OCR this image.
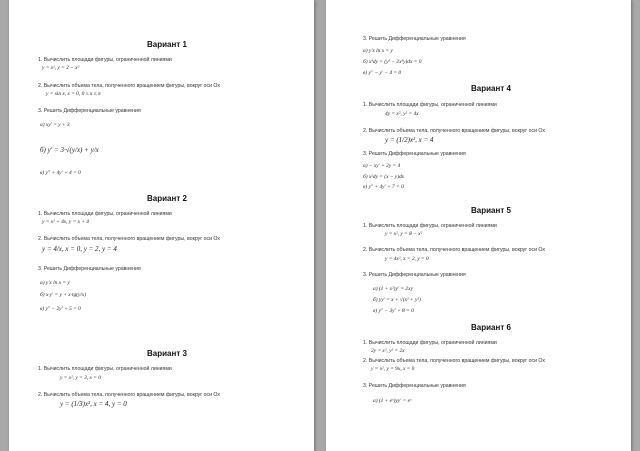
Вариант 1
1. Вычислить площади фигуры, ограниченной линиями
y = x², y = 2 − x²
2. Вычислить объема тела, полученного вращением фигуры, вокруг оси Ох
y = sin x, x = 0, 0 ≤ x ≤ π
3. Решить Дифференциальные уравнения
а) xy′ = y + 3
б) y′ = 3·√(y/x) + y/x
в) y″ + 4y′ + 4 = 0
Вариант 2
1. Вычислить площади фигуры, ограниченной линиями
y = x² + 4x, y = x + 4
2. Вычислить объема тела, полученного вращением фигуры, вокруг оси Ох
y = 4/x, x = 0, y = 2, y = 4
3. Решить Дифференциальные уравнения
а) y′x ln x = y
б) x·y′ = y + x·tg(y/x)
в) y″ − 2y′ + 5 = 0
Вариант 3
1. Вычислить площади фигуры, ограниченной линиями
y = x², y = 3, x = 0
2. Вычислить объема тела, полученного вращением фигуры, вокруг оси Ох
y = (1/3)x², x = 4, y = 0
3. Решить Дифференциальные уравнения
а) y′x ln x = y
б) x³dy = (y³ − 2x³y)dx = 0
в) y″ − y′ − 4 = 0
Вариант 4
1. Вычислить площади фигуры, ограниченной линиями
4y = x², y² = 4x
2. Вычислить объема тела, полученного вращением фигуры, вокруг оси Ох
y = (1/2)x², x = 4
3. Решить Дифференциальные уравнения
а) − xy′ + 2y = 4
б) x²dy = (x − y)dx
в) y″ + 4y′ + 7 = 0
Вариант 5
1. Вычислить площади фигуры, ограниченной линиями
y = x², y = 8 − x²
2. Вычислить объема тела, полученного вращением фигуры, вокруг оси Ох
y = 4x², x = 2, y = 0
3. Решить Дифференциальные уравнения
а) (1 + x²)y′ = 2xy
б) yy′ = x + √(x² + y²)
в) y″ − 3y′ + 8 = 0
Вариант 6
1. Вычислить площади фигуры, ограниченной линиями
2y = x², y² = 2x
2. Вычислить объема тела, полученного вращением фигуры, вокруг оси Ох
y = x², y = 9x, x = 0
3. Решить Дифференциальные уравнения
а) (1 + eˣ)yy′ = eˣ
